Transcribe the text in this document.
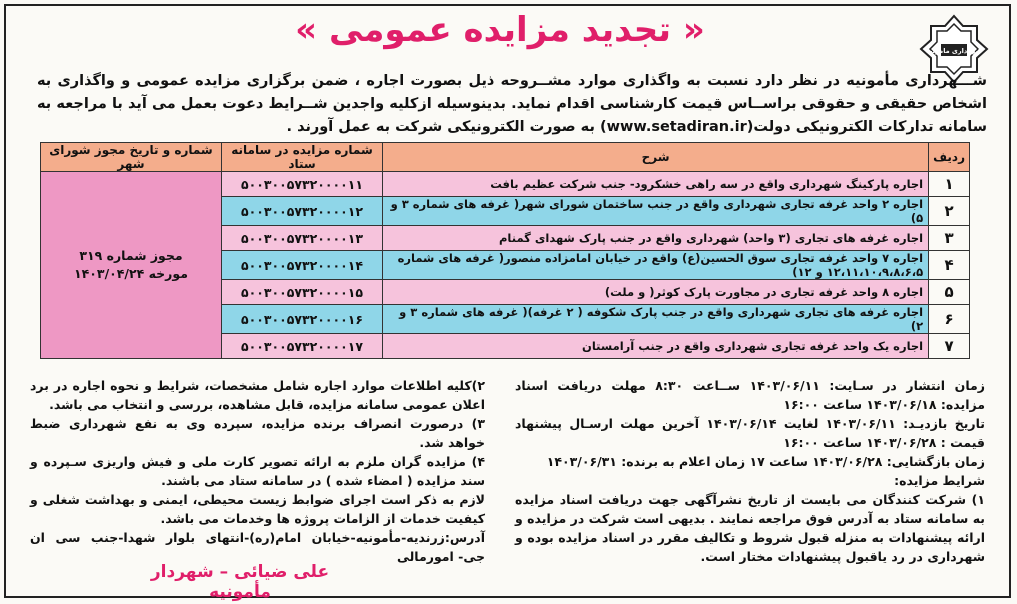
شهرداری مامونیه
« تجدید مزایده عمومی »
شـــهرداری مأمونیه در نظر دارد نسبت به واگذاری موارد مشــروحه ذیل بصورت اجاره ، ضمن برگزاری مزایده عمومی و واگذاری به اشخاص حقیقی و حقوقی براســاس قیمت کارشناسی اقدام نماید. بدینوسیله ازکلیه واجدین شــرایط دعوت بعمل می آید با مراجعه به سامانه تدارکات الکترونیکی دولت(www.setadiran.ir) به صورت الکترونیکی شرکت به عمل آورند .
ردیف	شرح	شماره مزایده در سامانه ستاد	شماره و تاریخ مجوز شورای شهر
۱	اجاره پارکینگ شهرداری واقع در سه راهی خشکرود- جنب شرکت عظیم بافت	۵۰۰۳۰۰۵۷۳۲۰۰۰۰۱۱	مجوز شماره ۳۱۹
مورخه ۱۴۰۳/۰۴/۲۴

۲	اجاره ۲ واحد غرفه تجاری شهرداری واقع در جنب ساختمان شورای شهر( غرفه های شماره ۳ و ۵)	۵۰۰۳۰۰۵۷۳۲۰۰۰۰۱۲	
۳	اجاره غرفه های تجاری (۳ واحد) شهرداری واقع در جنب پارک شهدای گمنام	۵۰۰۳۰۰۵۷۳۲۰۰۰۰۱۳	
۴	اجاره ۷ واحد غرفه تجاری سوق الحسین(ع) واقع در خیابان امامزاده منصور( غرفه های شماره ۱۲،۱۱،۱۰،۹،۸،۶،۵ و ۱۲)	۵۰۰۳۰۰۵۷۳۲۰۰۰۰۱۴	
۵	اجاره ۸ واحد غرفه تجاری در مجاورت پارک کوثر( و ملت)	۵۰۰۳۰۰۵۷۳۲۰۰۰۰۱۵	
۶	اجاره غرفه های تجاری شهرداری واقع در جنب پارک شکوفه ( ۲ غرفه)( غرفه های شماره ۳ و ۲)	۵۰۰۳۰۰۵۷۳۲۰۰۰۰۱۶	
۷	اجاره یک واحد غرفه تجاری شهرداری واقع در جنب آرامستان	۵۰۰۳۰۰۵۷۳۲۰۰۰۰۱۷	

زمان انتشار در سـایت: ۱۴۰۳/۰۶/۱۱ ســاعت ۸:۳۰ مهلت دریافت اسناد مزایده: ۱۴۰۳/۰۶/۱۸ ساعت ۱۶:۰۰

تاریخ بازدیـد: ۱۴۰۳/۰۶/۱۱ لغایت ۱۴۰۳/۰۶/۱۴ آخرین مهلت ارسـال پیشنهاد قیمت : ۱۴۰۳/۰۶/۲۸ ساعت ۱۶:۰۰

زمان بازگشایی: ۱۴۰۳/۰۶/۲۸ ساعت ۱۷ زمان اعلام به برنده: ۱۴۰۳/۰۶/۳۱

شرایط مزایده:

۱) شرکت کنندگان می بایست از تاریخ نشرآگهی جهت دریافت اسناد مزایده به سامانه ستاد به آدرس فوق مراجعه نمایند . بدیهی است شرکت در مزایده و ارائه پیشنهادات به منزله قبول شروط و تکالیف مقرر در اسناد مزایده بوده و شهرداری در رد یاقبول پیشنهادات مختار است.

۲)کلیه اطلاعات موارد اجاره شامل مشخصات، شرایط و نحوه اجاره در برد اعلان عمومی سامانه مزایده، قابل مشاهده، بررسی و انتخاب می باشد.

۳) درصورت انصراف برنده مزایده، سپرده وی به نفع شهرداری ضبط خواهد شد.

۴) مزایده گران ملزم به ارائه تصویر کارت ملی و فیش واریزی سـپرده و سند مزایده ( امضاء شده ) در سامانه ستاد می باشند.

لازم به ذکر است اجرای ضوابط زیست محیطی، ایمنی و بهداشت شغلی و کیفیت خدمات از الزامات پروژه ها وخدمات می باشد.

آدرس:زرندیه-مأمونیه-خیابان امام(ره)-انتهای بلوار شهدا-جنب سی ان جی- امورمالی

علی ضیائی – شهردار مأمونیه
